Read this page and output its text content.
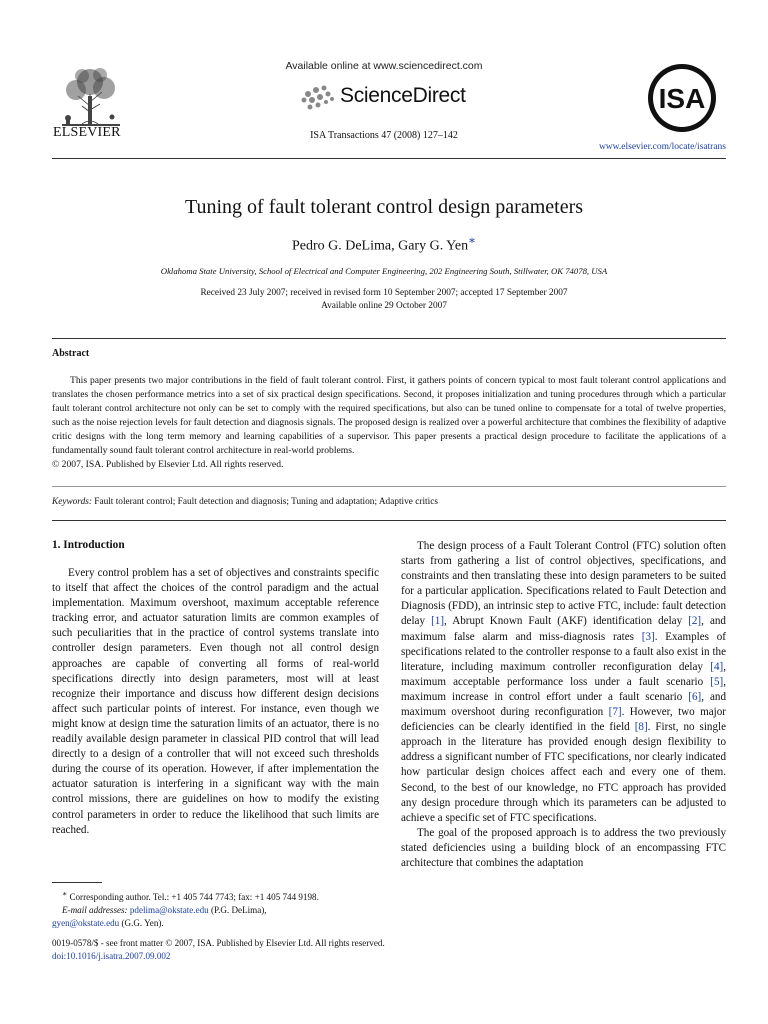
ELSEVIER
Available online at www.sciencedirect.com
ScienceDirect
ISA Transactions 47 (2008) 127–142
ISA
www.elsevier.com/locate/isatrans
Tuning of fault tolerant control design parameters
Pedro G. DeLima, Gary G. Yen∗
Oklahoma State University, School of Electrical and Computer Engineering, 202 Engineering South, Stillwater, OK 74078, USA
Received 23 July 2007; received in revised form 10 September 2007; accepted 17 September 2007
Available online 29 October 2007
Abstract

This paper presents two major contributions in the field of fault tolerant control. First, it gathers points of concern typical to most fault tolerant control applications and translates the chosen performance metrics into a set of six practical design specifications. Second, it proposes initialization and tuning procedures through which a particular fault tolerant control architecture not only can be set to comply with the required specifications, but also can be tuned online to compensate for a total of twelve properties, such as the noise rejection levels for fault detection and diagnosis signals. The proposed design is realized over a powerful architecture that combines the flexibility of adaptive critic designs with the long term memory and learning capabilities of a supervisor. This paper presents a practical design procedure to facilitate the applications of a fundamentally sound fault tolerant control architecture in real-world problems.

© 2007, ISA. Published by Elsevier Ltd. All rights reserved.

Keywords: Fault tolerant control; Fault detection and diagnosis; Tuning and adaptation; Adaptive critics
1. Introduction

Every control problem has a set of objectives and constraints specific to itself that affect the choices of the control paradigm and the actual implementation. Maximum overshoot, maximum acceptable reference tracking error, and actuator saturation limits are common examples of such peculiarities that in the practice of control systems translate into controller design parameters. Even though not all control design approaches are capable of converting all forms of real-world specifications directly into design parameters, most will at least recognize their importance and discuss how different design decisions affect such particular points of interest. For instance, even though we might know at design time the saturation limits of an actuator, there is no readily available design parameter in classical PID control that will lead directly to a design of a controller that will not exceed such thresholds during the course of its operation. However, if after implementation the actuator saturation is interfering in a significant way with the main control missions, there are guidelines on how to modify the existing control parameters in order to reduce the likelihood that such limits are reached.

The design process of a Fault Tolerant Control (FTC) solution often starts from gathering a list of control objectives, specifications, and constraints and then translating these into design parameters to be suited for a particular application. Specifications related to Fault Detection and Diagnosis (FDD), an intrinsic step to active FTC, include: fault detection delay [1], Abrupt Known Fault (AKF) identification delay [2], and maximum false alarm and miss-diagnosis rates [3]. Examples of specifications related to the controller response to a fault also exist in the literature, including maximum controller reconfiguration delay [4], maximum acceptable performance loss under a fault scenario [5], maximum increase in control effort under a fault scenario [6], and maximum overshoot during reconfiguration [7]. However, two major deficiencies can be clearly identified in the field [8]. First, no single approach in the literature has provided enough design flexibility to address a significant number of FTC specifications, nor clearly indicated how particular design choices affect each and every one of them. Second, to the best of our knowledge, no FTC approach has provided any design procedure through which its parameters can be adjusted to achieve a specific set of FTC specifications.

The goal of the proposed approach is to address the two previously stated deficiencies using a building block of an encompassing FTC architecture that combines the adaptation

∗ Corresponding author. Tel.: +1 405 744 7743; fax: +1 405 744 9198.
E-mail addresses: pdelima@okstate.edu (P.G. DeLima),
gyen@okstate.edu (G.G. Yen).
0019-0578/$ - see front matter © 2007, ISA. Published by Elsevier Ltd. All rights reserved.
doi:10.1016/j.isatra.2007.09.002
